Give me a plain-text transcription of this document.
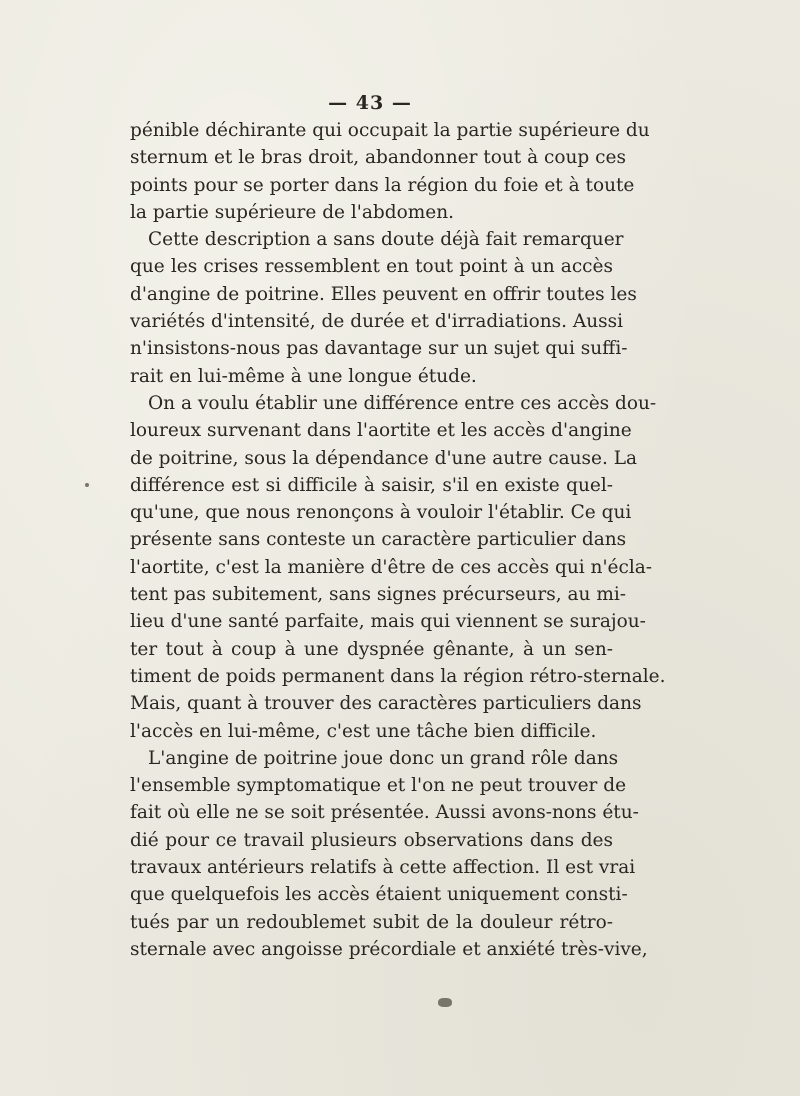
— 43 —
pénible déchirante qui occupait la partie supérieure du
sternum et le bras droit, abandonner tout à coup ces
points pour se porter dans la région du foie et à toute
la partie supérieure de l'abdomen.
Cette description a sans doute déjà fait remarquer
que les crises ressemblent en tout point à un accès
d'angine de poitrine. Elles peuvent en offrir toutes les
variétés d'intensité, de durée et d'irradiations. Aussi
n'insistons-nous pas davantage sur un sujet qui suffi-
rait en lui-même à une longue étude.
On a voulu établir une différence entre ces accès dou-
loureux survenant dans l'aortite et les accès d'angine
de poitrine, sous la dépendance d'une autre cause. La
différence est si difficile à saisir, s'il en existe quel-
qu'une, que nous renonçons à vouloir l'établir. Ce qui
présente sans conteste un caractère particulier dans
l'aortite, c'est la manière d'être de ces accès qui n'écla-
tent pas subitement, sans signes précurseurs, au mi-
lieu d'une santé parfaite, mais qui viennent se surajou-
ter tout à coup à une dyspnée gênante, à un sen-
timent de poids permanent dans la région rétro-sternale.
Mais, quant à trouver des caractères particuliers dans
l'accès en lui-même, c'est une tâche bien difficile.
L'angine de poitrine joue donc un grand rôle dans
l'ensemble symptomatique et l'on ne peut trouver de
fait où elle ne se soit présentée. Aussi avons-nons étu-
dié pour ce travail plusieurs observations dans des
travaux antérieurs relatifs à cette affection. Il est vrai
que quelquefois les accès étaient uniquement consti-
tués par un redoublemet subit de la douleur rétro-
sternale avec angoisse précordiale et anxiété très-vive,
